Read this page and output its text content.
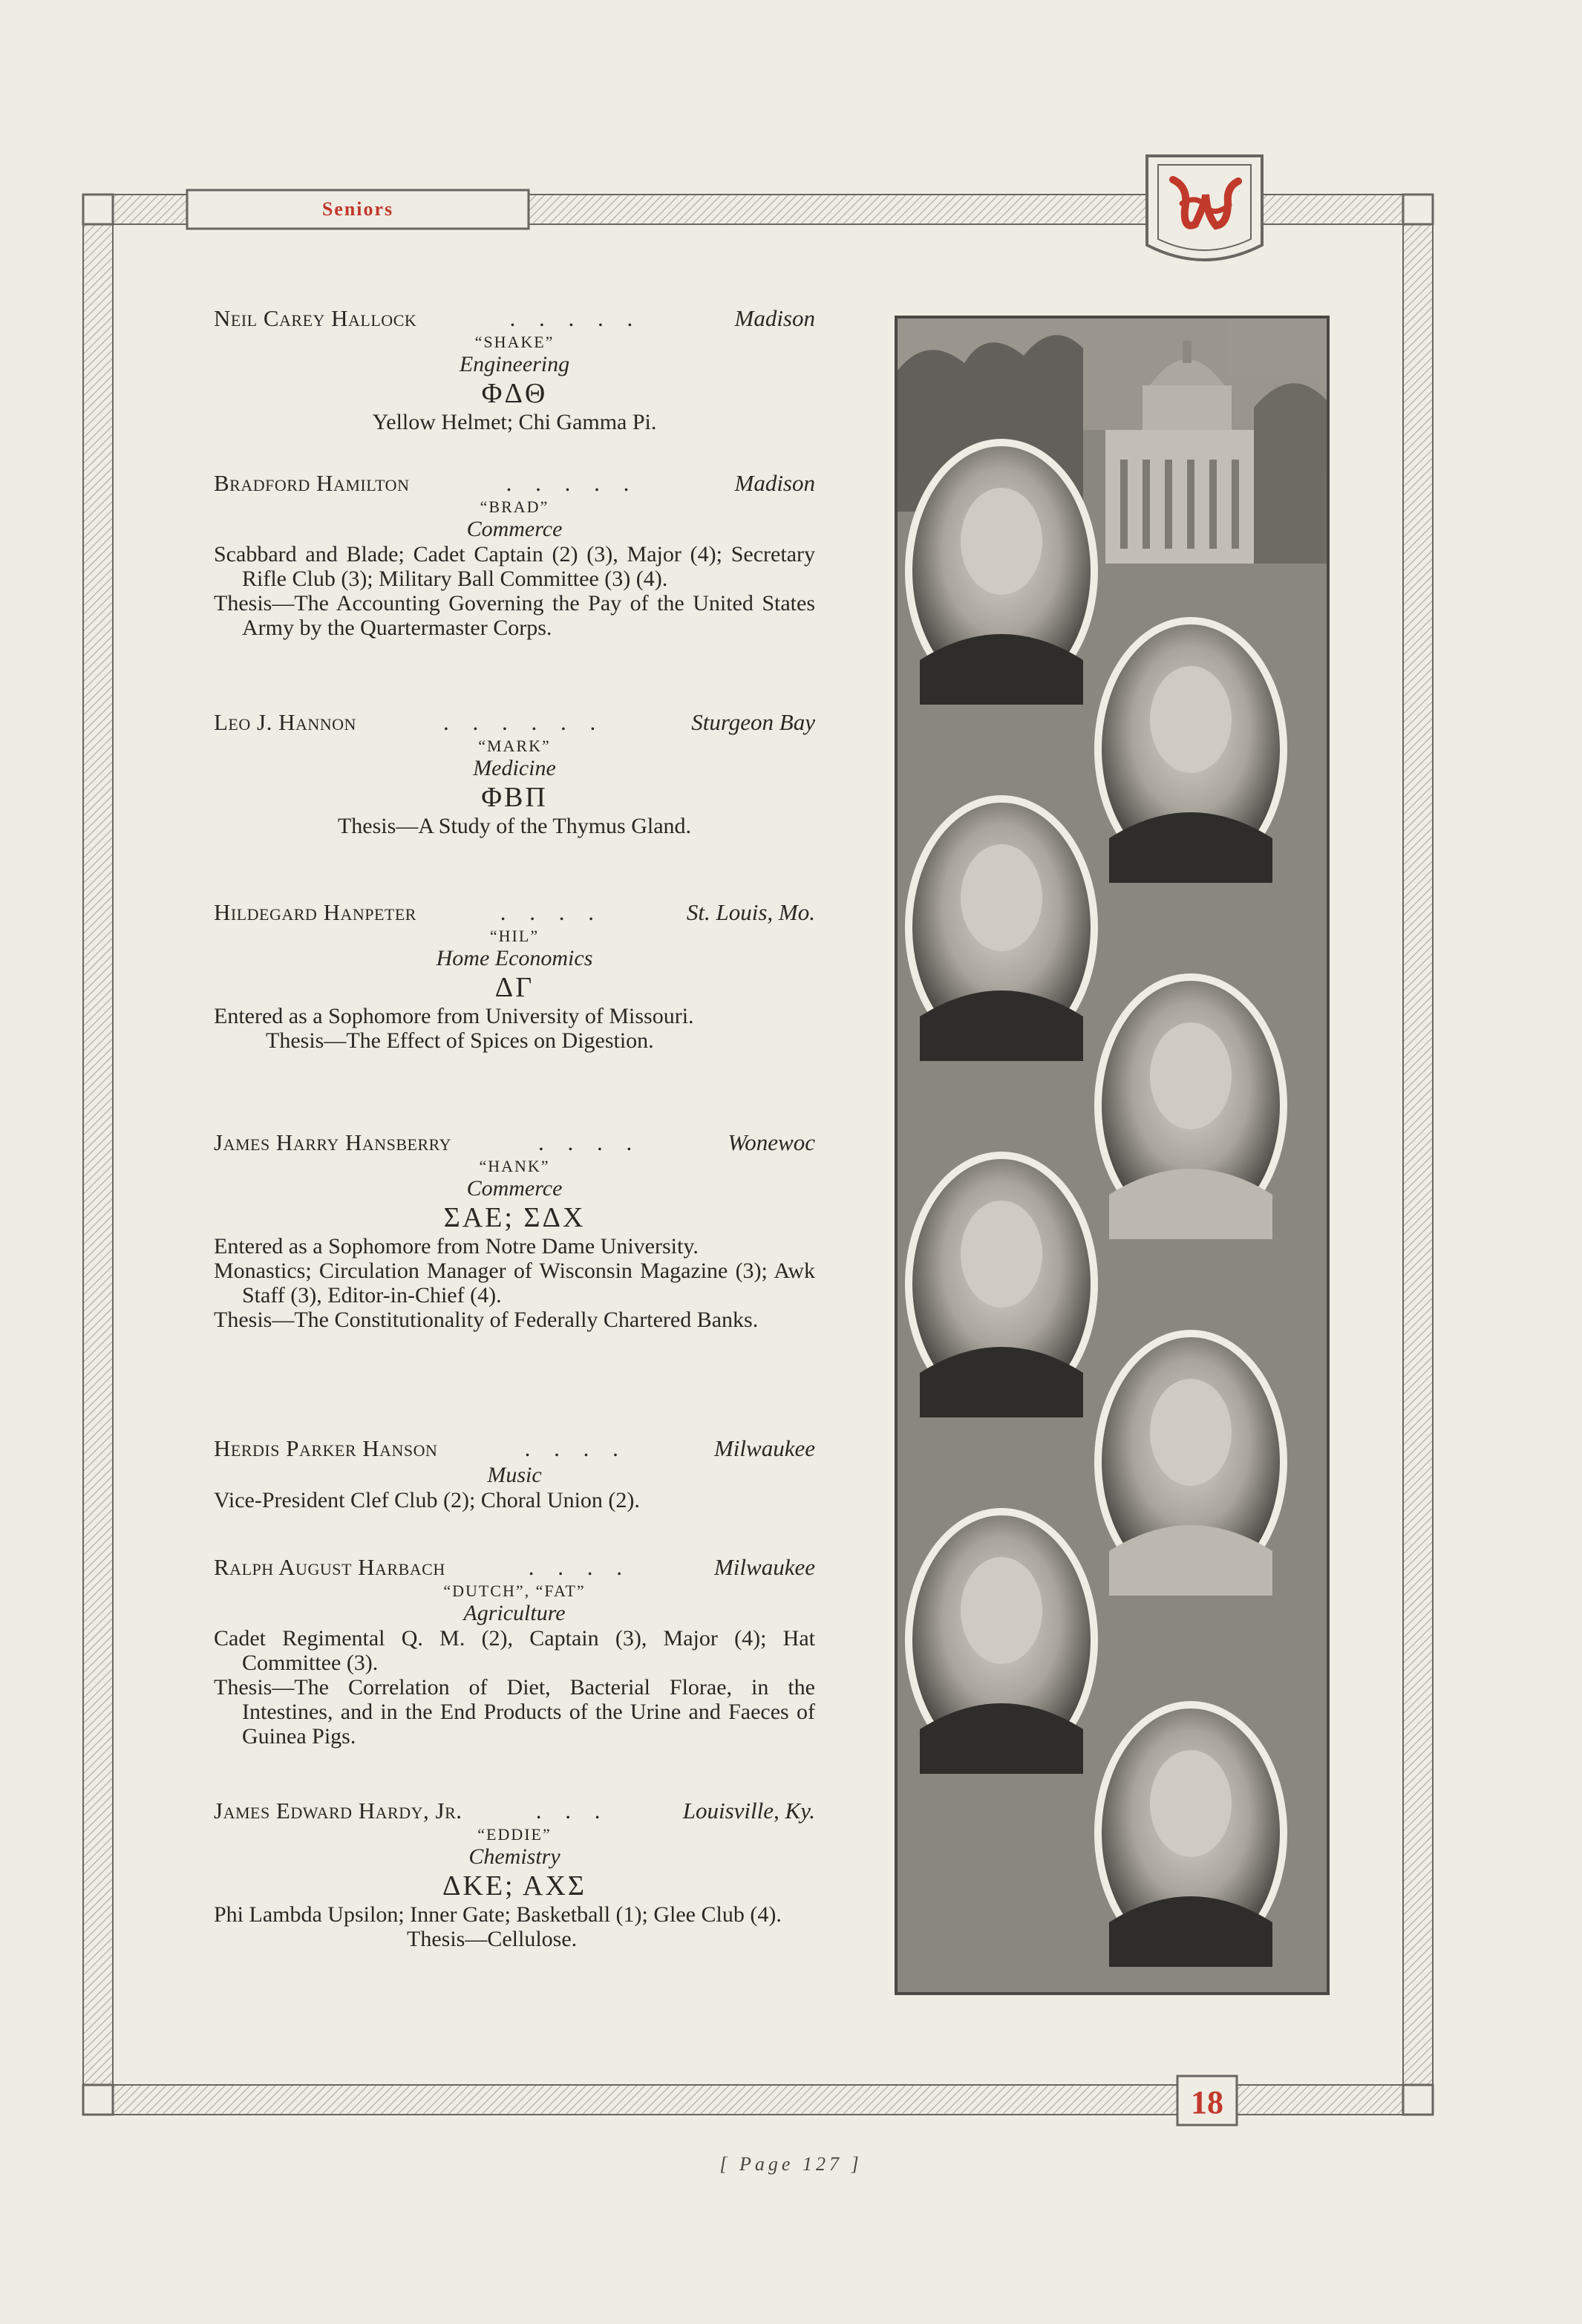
Seniors
18
Neil Carey Hallock	. . . . .	Madison
“SHAKE”
Engineering
ΦΔΘ
Yellow Helmet; Chi Gamma Pi.
Bradford Hamilton	. . . . .	Madison
“BRAD”
Commerce
Scabbard and Blade; Cadet Captain (2) (3), Major (4); Secretary Rifle Club (3); Military Ball Committee (3) (4).
Thesis—The Accounting Governing the Pay of the United States Army by the Quartermaster Corps.
Leo J. Hannon	. . . . . .	Sturgeon Bay
“MARK”
Medicine
ΦΒΠ
Thesis—A Study of the Thymus Gland.
Hildegard Hanpeter	. . . .	St. Louis, Mo.
“HIL”
Home Economics
ΔΓ
Entered as a Sophomore from University of Missouri.
Thesis—The Effect of Spices on Digestion.
James Harry Hansberry	. . . .	Wonewoc
“HANK”
Commerce
ΣΑΕ; ΣΔΧ
Entered as a Sophomore from Notre Dame University.
Monastics; Circulation Manager of Wisconsin Magazine (3); Awk Staff (3), Editor-in-Chief (4).
Thesis—The Constitutionality of Federally Chartered Banks.
Herdis Parker Hanson	. . . .	Milwaukee
Music
Vice-President Clef Club (2); Choral Union (2).
Ralph August Harbach	. . . .	Milwaukee
“DUTCH”, “FAT”
Agriculture
Cadet Regimental Q. M. (2), Captain (3), Major (4); Hat Committee (3).
Thesis—The Correlation of Diet, Bacterial Florae, in the Intestines, and in the End Products of the Urine and Faeces of Guinea Pigs.
James Edward Hardy, Jr.	. . .	Louisville, Ky.
“EDDIE”
Chemistry
ΔΚΕ; ΑΧΣ
Phi Lambda Upsilon; Inner Gate; Basketball (1); Glee Club (4).
Thesis—Cellulose.
[ Page 127 ]
